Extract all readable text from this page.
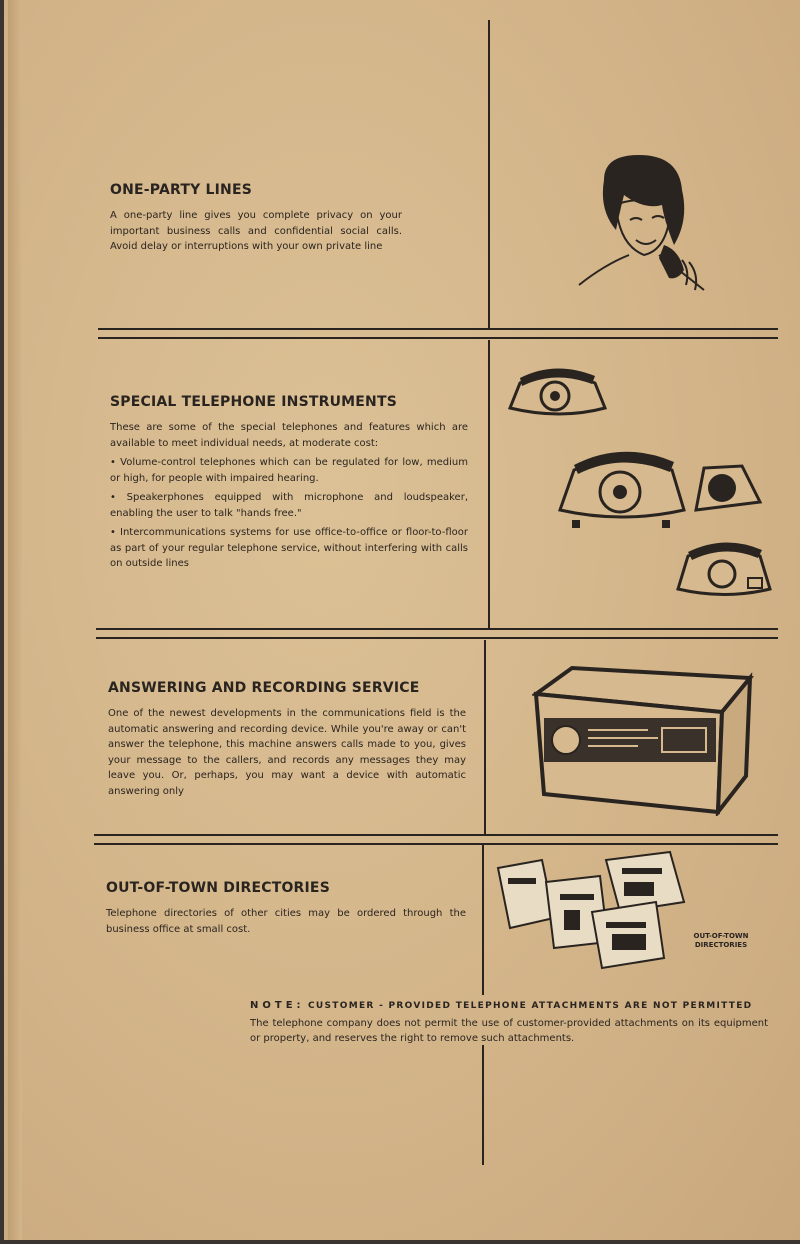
ONE-PARTY LINES

A one-party line gives you complete privacy on your important business calls and confidential social calls. Avoid delay or interruptions with your own private line

SPECIAL TELEPHONE INSTRUMENTS

These are some of the special telephones and features which are available to meet individual needs, at moderate cost:

• Volume-control telephones which can be regulated for low, medium or high, for people with impaired hearing.

• Speakerphones equipped with microphone and loudspeaker, enabling the user to talk "hands free."

• Intercommunications systems for use office-to-office or floor-to-floor as part of your regular telephone service, without interfering with calls on outside lines

ANSWERING AND RECORDING SERVICE

One of the newest developments in the communications field is the automatic answering and recording device. While you're away or can't answer the telephone, this machine answers calls made to you, gives your message to the callers, and records any messages they may leave you. Or, perhaps, you may want a device with automatic answering only

OUT-OF-TOWN DIRECTORIES

Telephone directories of other cities may be ordered through the business office at small cost.

OUT-OF-TOWN DIRECTORIES
NOTE: CUSTOMER - PROVIDED TELEPHONE ATTACHMENTS ARE NOT PERMITTED

The telephone company does not permit the use of customer-provided attachments on its equipment or property, and reserves the right to remove such attachments.
